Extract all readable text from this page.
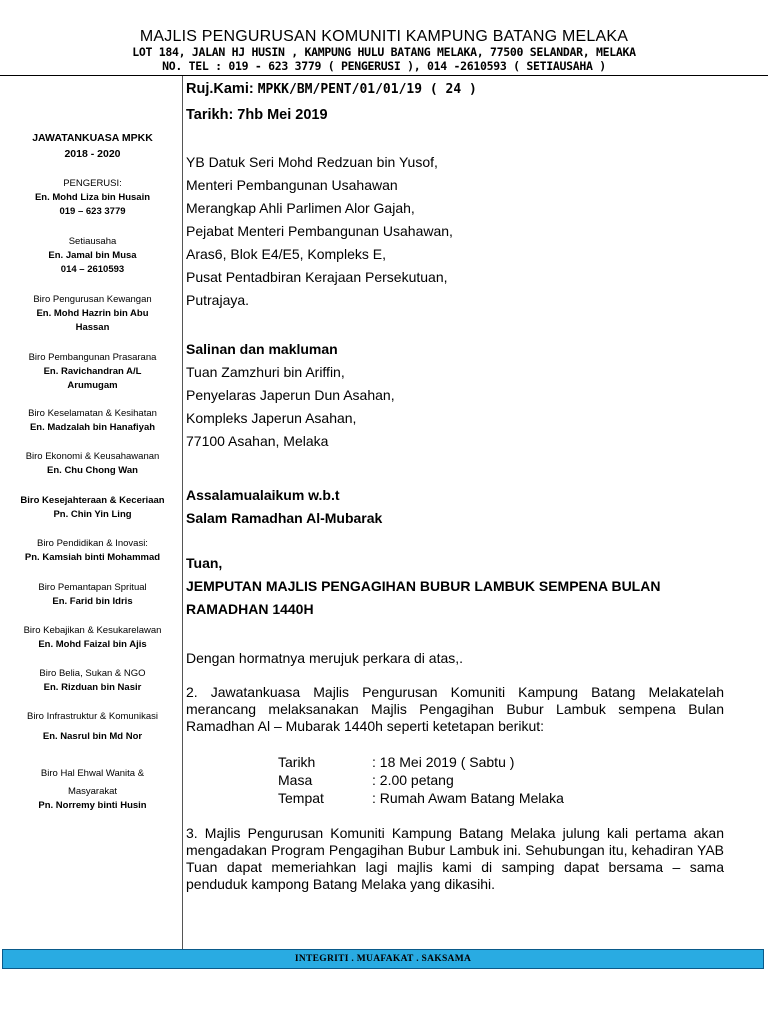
MAJLIS PENGURUSAN KOMUNITI KAMPUNG BATANG MELAKA
LOT 184, JALAN HJ HUSIN , KAMPUNG HULU BATANG MELAKA, 77500 SELANDAR, MELAKA
NO. TEL : 019 - 623 3779 ( PENGERUSI ), 014 -2610593 ( SETIAUSAHA )
JAWATANKUASA MPKK
2018 - 2020
PENGERUSI:
En. Mohd Liza bin Husain
019 – 623 3779
Setiausaha
En. Jamal bin Musa
014 – 2610593
Biro Pengurusan Kewangan
En. Mohd Hazrin bin Abu
Hassan
Biro Pembangunan Prasarana
En. Ravichandran A/L
Arumugam
Biro Keselamatan & Kesihatan
En. Madzalah bin Hanafiyah
Biro Ekonomi & Keusahawanan
En. Chu Chong Wan
Biro Kesejahteraan & Keceriaan
Pn. Chin Yin Ling
Biro Pendidikan & Inovasi:
Pn. Kamsiah binti Mohammad
Biro Pemantapan Spritual
En. Farid bin Idris
Biro Kebajikan & Kesukarelawan
En. Mohd Faizal bin Ajis
Biro Belia, Sukan & NGO
En. Rizduan bin Nasir
Biro Infrastruktur & Komunikasi
En. Nasrul bin Md Nor
Biro Hal Ehwal Wanita &
Masyarakat
Pn. Norremy binti Husin
Ruj.Kami: MPKK/BM/PENT/01/01/19 ( 24 )
Tarikh: 7hb Mei 2019
YB Datuk Seri Mohd Redzuan bin Yusof,
Menteri Pembangunan Usahawan
Merangkap Ahli Parlimen Alor Gajah,
Pejabat Menteri Pembangunan Usahawan,
Aras6, Blok E4/E5, Kompleks E,
Pusat Pentadbiran Kerajaan Persekutuan,
Putrajaya.
Salinan dan makluman
Tuan Zamzhuri bin Ariffin,
Penyelaras Japerun Dun Asahan,
Kompleks Japerun Asahan,
77100 Asahan, Melaka
Assalamualaikum w.b.t
Salam Ramadhan Al-Mubarak
Tuan,
JEMPUTAN MAJLIS PENGAGIHAN BUBUR LAMBUK SEMPENA BULAN
RAMADHAN 1440H
Dengan hormatnya merujuk perkara di atas,.
2. Jawatankuasa Majlis Pengurusan Komuniti Kampung Batang Melakatelah merancang melaksanakan Majlis Pengagihan Bubur Lambuk sempena Bulan Ramadhan Al – Mubarak 1440h seperti ketetapan berikut:
Tarikh	: 18 Mei 2019 ( Sabtu )
Masa	: 2.00 petang
Tempat	: Rumah Awam Batang Melaka
3. Majlis Pengurusan Komuniti Kampung Batang Melaka julung kali pertama akan mengadakan Program Pengagihan Bubur Lambuk ini. Sehubungan itu, kehadiran YAB Tuan dapat memeriahkan lagi majlis kami di samping dapat bersama – sama penduduk kampong Batang Melaka yang dikasihi.
INTEGRITI . MUAFAKAT . SAKSAMA
